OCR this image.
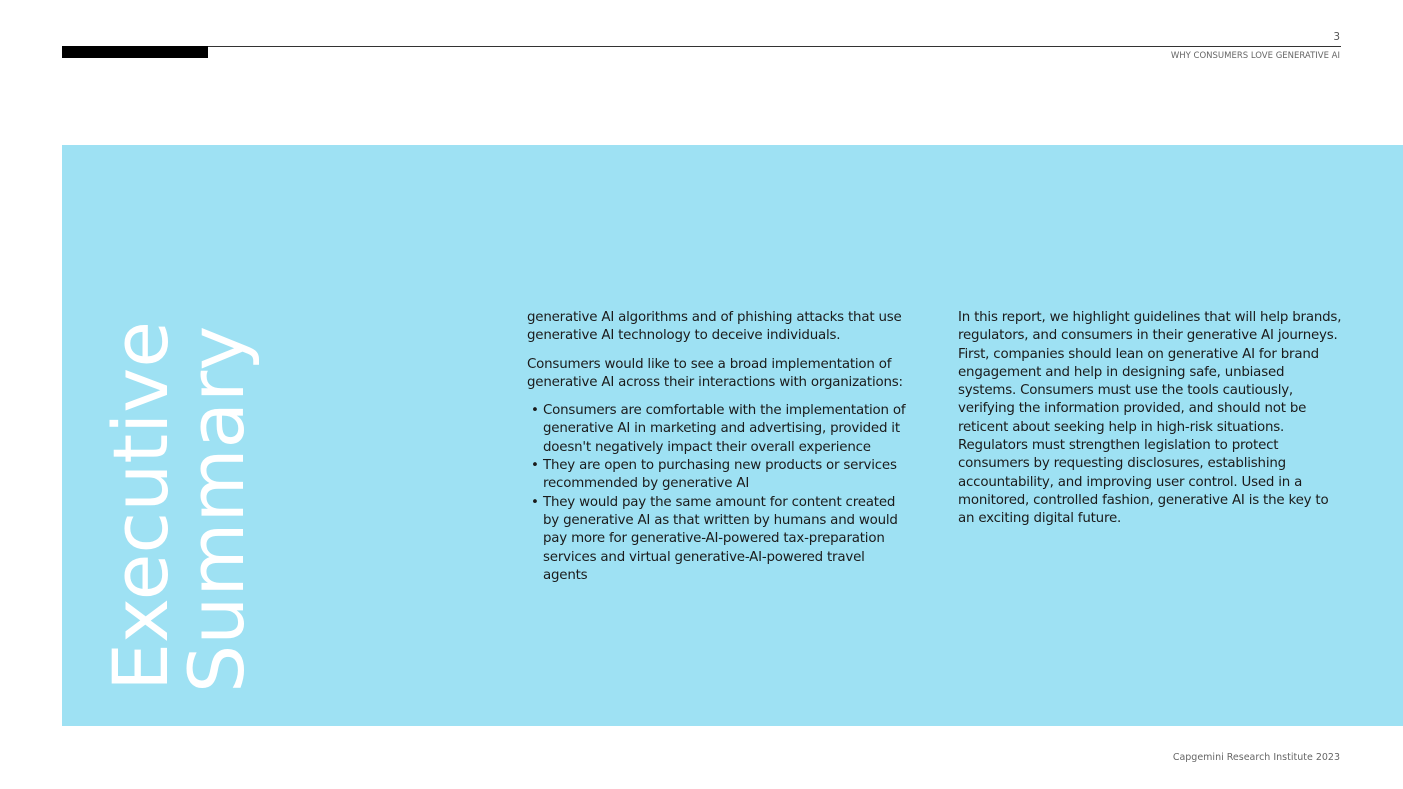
3
WHY CONSUMERS LOVE GENERATIVE AI
Executive
Summary

generative AI algorithms and of phishing attacks that use generative AI technology to deceive individuals.

Consumers would like to see a broad implementation of generative AI across their interactions with organizations:

• Consumers are comfortable with the implementation of generative AI in marketing and advertising, provided it doesn't negatively impact their overall experience
• They are open to purchasing new products or services recommended by generative AI
• They would pay the same amount for content created by generative AI as that written by humans and would pay more for generative-AI-powered tax-preparation services and virtual generative-AI-powered travel agents

In this report, we highlight guidelines that will help brands, regulators, and consumers in their generative AI journeys. First, companies should lean on generative AI for brand engagement and help in designing safe, unbiased systems. Consumers must use the tools cautiously, verifying the information provided, and should not be reticent about seeking help in high-risk situations. Regulators must strengthen legislation to protect consumers by requesting disclosures, establishing accountability, and improving user control. Used in a monitored, controlled fashion, generative AI is the key to an exciting digital future.

Capgemini Research Institute 2023
